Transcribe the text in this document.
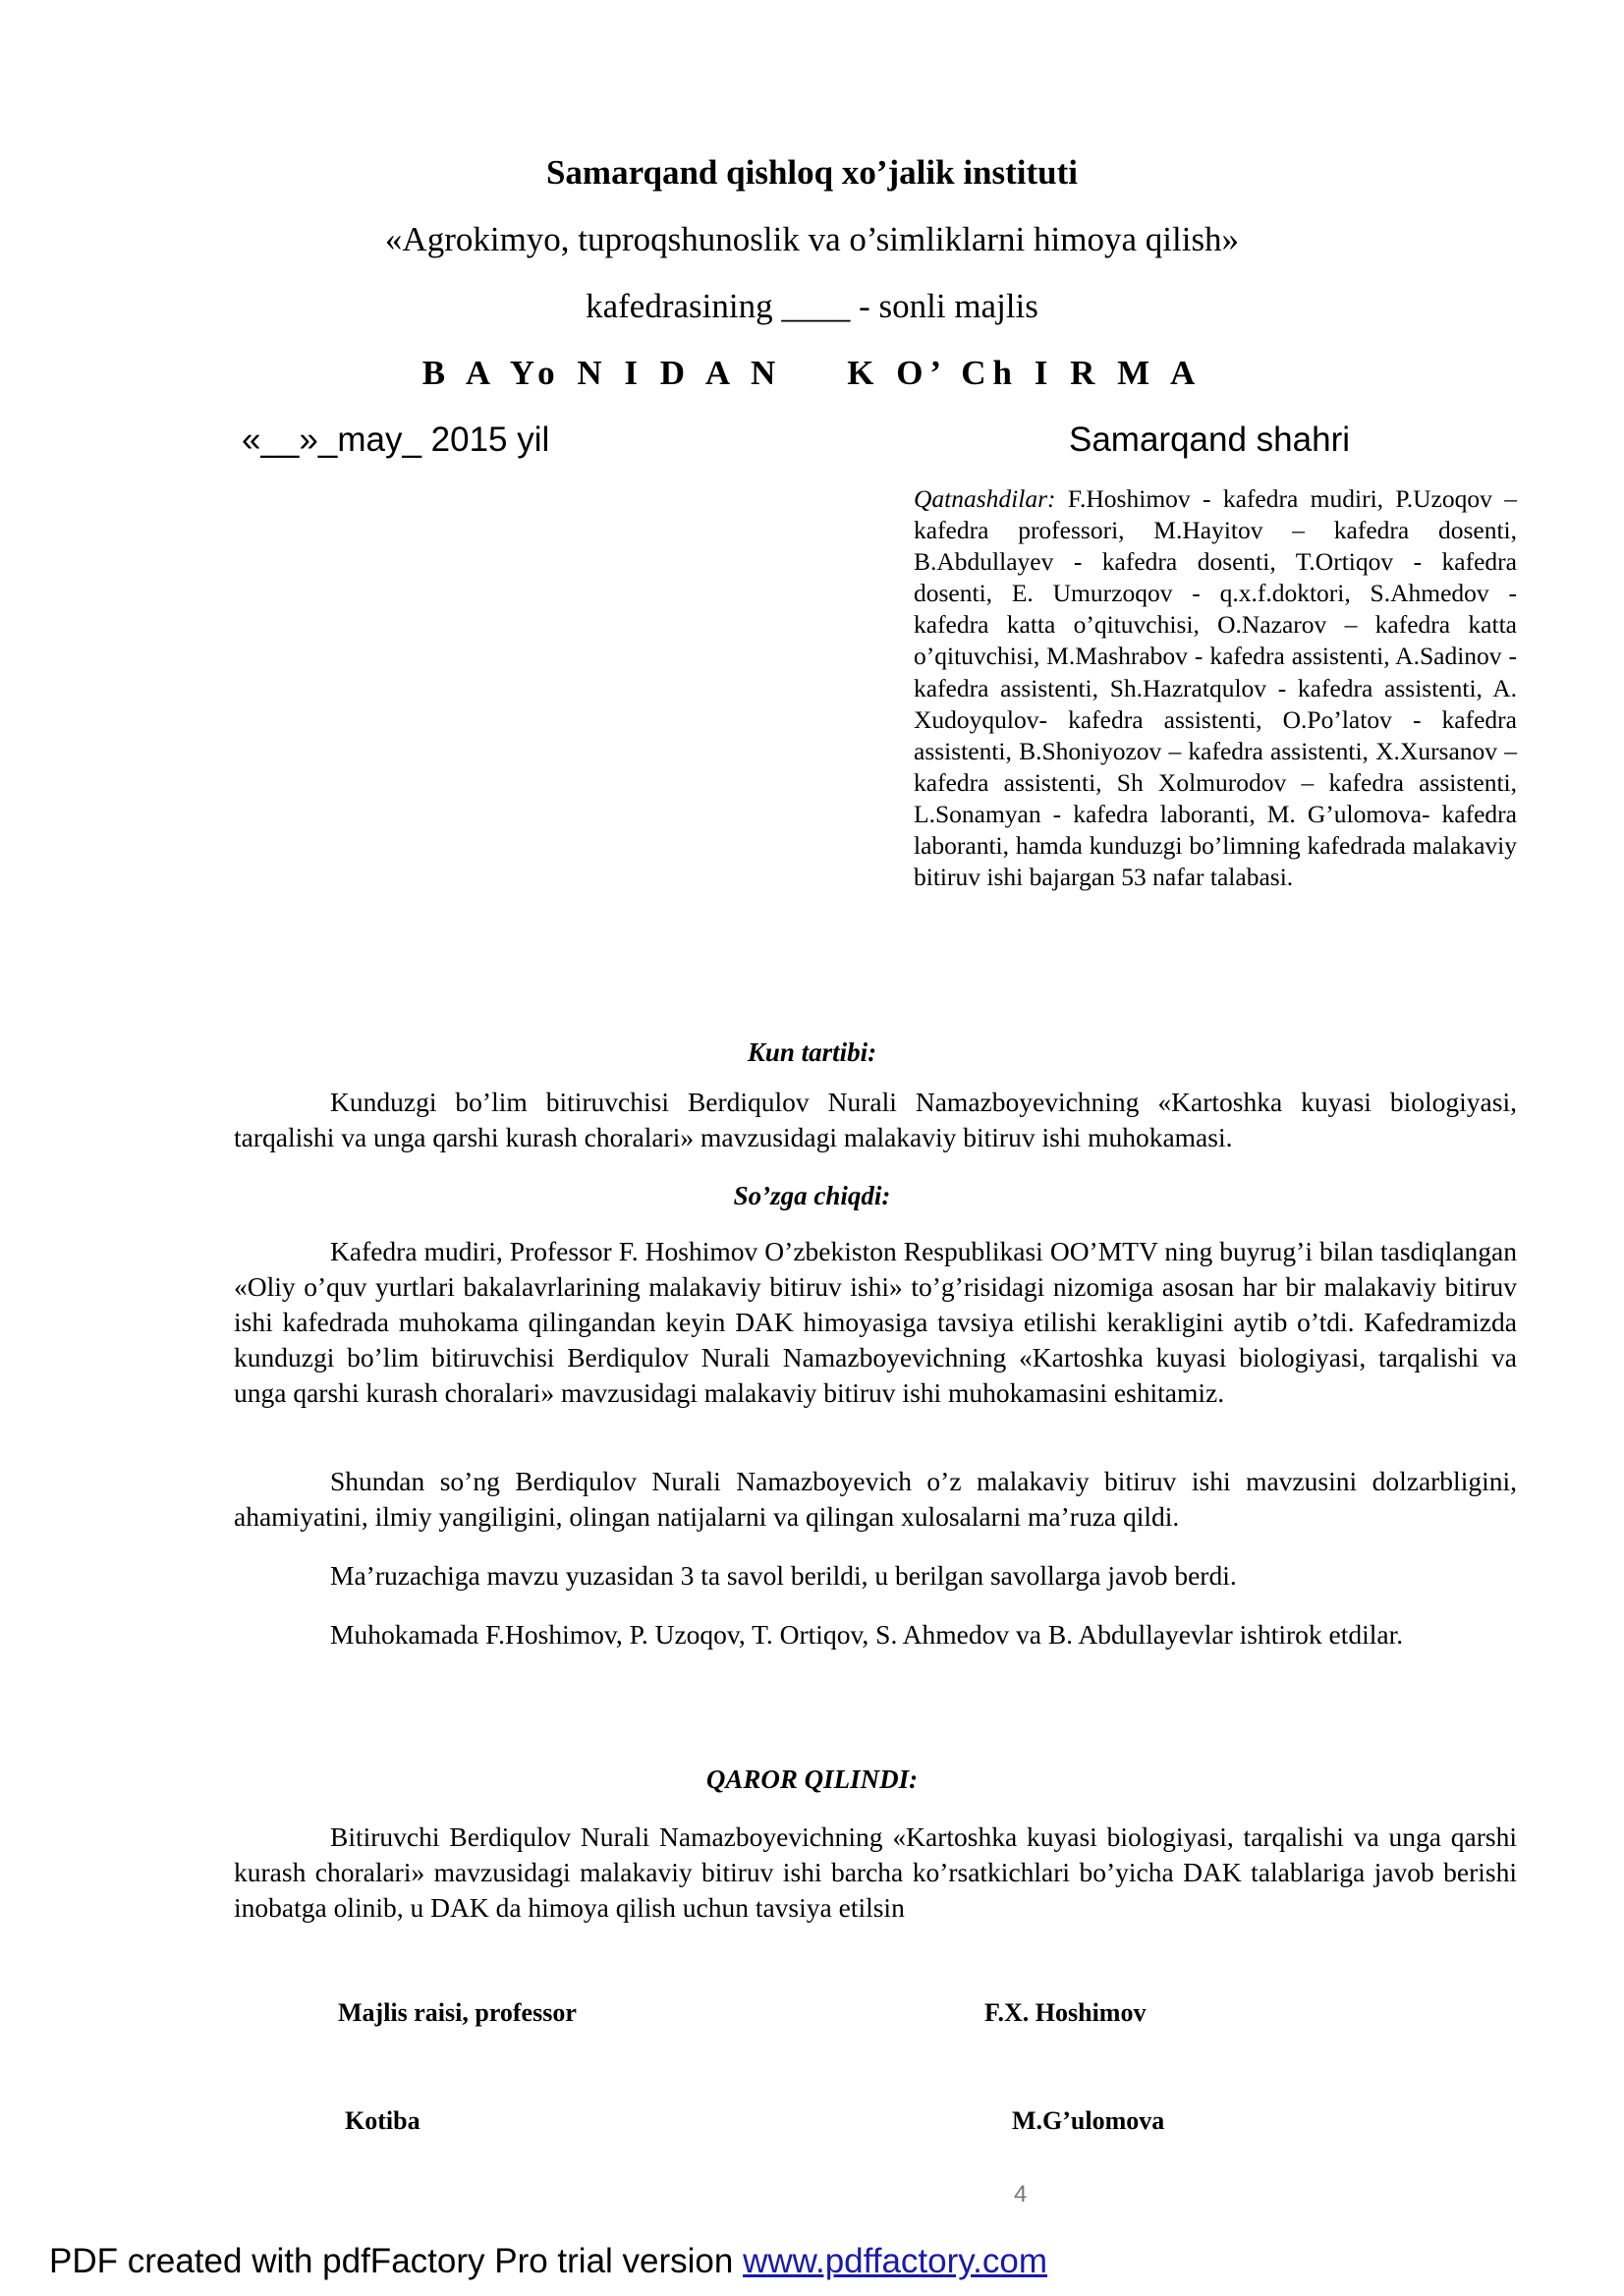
Samarqand qishloq xo’jalik instituti

«Agrokimyo, tuproqshunoslik va o’simliklarni himoya qilish»

kafedrasining ____ - sonli majlis

B A Yo N I D A N K O’ Ch I R M A

«__»_may_ 2015 yil	Samarqand shahri

Qatnashdilar: F.Hoshimov - kafedra mudiri, P.Uzoqov – kafedra professori, M.Hayitov – kafedra dosenti, B.Abdullayev - kafedra dosenti, T.Ortiqov - kafedra dosenti, E. Umurzoqov - q.x.f.doktori, S.Ahmedov - kafedra katta o’qituvchisi, O.Nazarov – kafedra katta o’qituvchisi, M.Mashrabov - kafedra assistenti, A.Sadinov - kafedra assistenti, Sh.Hazratqulov - kafedra assistenti, A. Xudoyqulov- kafedra assistenti, O.Po’latov - kafedra assistenti, B.Shoniyozov – kafedra assistenti, X.Xursanov – kafedra assistenti, Sh Xolmurodov – kafedra assistenti, L.Sonamyan - kafedra laboranti, M. G’ulomova- kafedra laboranti, hamda kunduzgi bo’limning kafedrada malakaviy bitiruv ishi bajargan 53 nafar talabasi.

Kun tartibi:

Kunduzgi bo’lim bitiruvchisi Berdiqulov Nurali Namazboyevichning «Kartoshka kuyasi biologiyasi, tarqalishi va unga qarshi kurash choralari» mavzusidagi malakaviy bitiruv ishi muhokamasi.

So’zga chiqdi:

Kafedra mudiri, Professor F. Hoshimov O’zbekiston Respublikasi OO’MTV ning buyrug’i bilan tasdiqlangan «Oliy o’quv yurtlari bakalavrlarining malakaviy bitiruv ishi» to’g’risidagi nizomiga asosan har bir malakaviy bitiruv ishi kafedrada muhokama qilingandan keyin DAK himoyasiga tavsiya etilishi kerakligini aytib o’tdi. Kafedramizda kunduzgi bo’lim bitiruvchisi Berdiqulov Nurali Namazboyevichning «Kartoshka kuyasi biologiyasi, tarqalishi va unga qarshi kurash choralari» mavzusidagi malakaviy bitiruv ishi muhokamasini eshitamiz.

Shundan so’ng Berdiqulov Nurali Namazboyevich o’z malakaviy bitiruv ishi mavzusini dolzarbligini, ahamiyatini, ilmiy yangiligini, olingan natijalarni va qilingan xulosalarni ma’ruza qildi.

Ma’ruzachiga mavzu yuzasidan 3 ta savol berildi, u berilgan savollarga javob berdi.

Muhokamada F.Hoshimov, P. Uzoqov, T. Ortiqov, S. Ahmedov va B. Abdullayevlar ishtirok etdilar.

QAROR QILINDI:

Bitiruvchi Berdiqulov Nurali Namazboyevichning «Kartoshka kuyasi biologiyasi, tarqalishi va unga qarshi kurash choralari» mavzusidagi malakaviy bitiruv ishi barcha ko’rsatkichlari bo’yicha DAK talablariga javob berishi inobatga olinib, u DAK da himoya qilish uchun tavsiya etilsin

Majlis raisi, professor	F.X. Hoshimov

Kotiba	M.G’ulomova

4

PDF created with pdfFactory Pro trial version www.pdffactory.com
